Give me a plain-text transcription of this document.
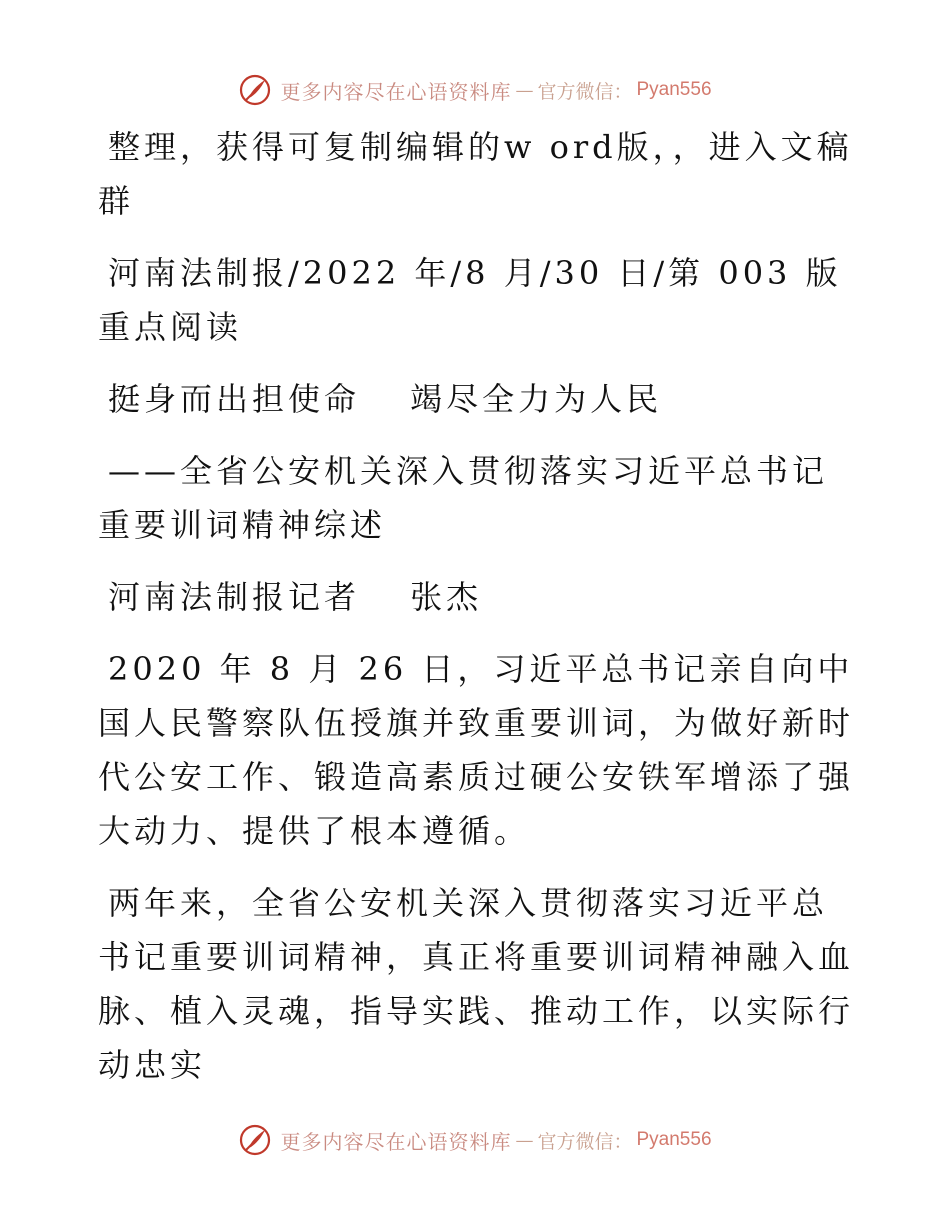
更多内容尽在心语资料库 — 官方微信： Pyan556

整理，获得可复制编辑的w ord版，，进入文稿群

河南法制报/2022 年/8 月/30 日/第 003 版重点阅读

挺身而出担使命　 竭尽全力为人民

——全省公安机关深入贯彻落实习近平总书记重要训词精神综述

河南法制报记者　 张杰

2020 年 8 月 26 日，习近平总书记亲自向中国人民警察队伍授旗并致重要训词，为做好新时代公安工作、锻造高素质过硬公安铁军增添了强大动力、提供了根本遵循。

两年来，全省公安机关深入贯彻落实习近平总书记重要训词精神，真正将重要训词精神融入血脉、植入灵魂，指导实践、推动工作，以实际行动忠实

更多内容尽在心语资料库 — 官方微信： Pyan556
